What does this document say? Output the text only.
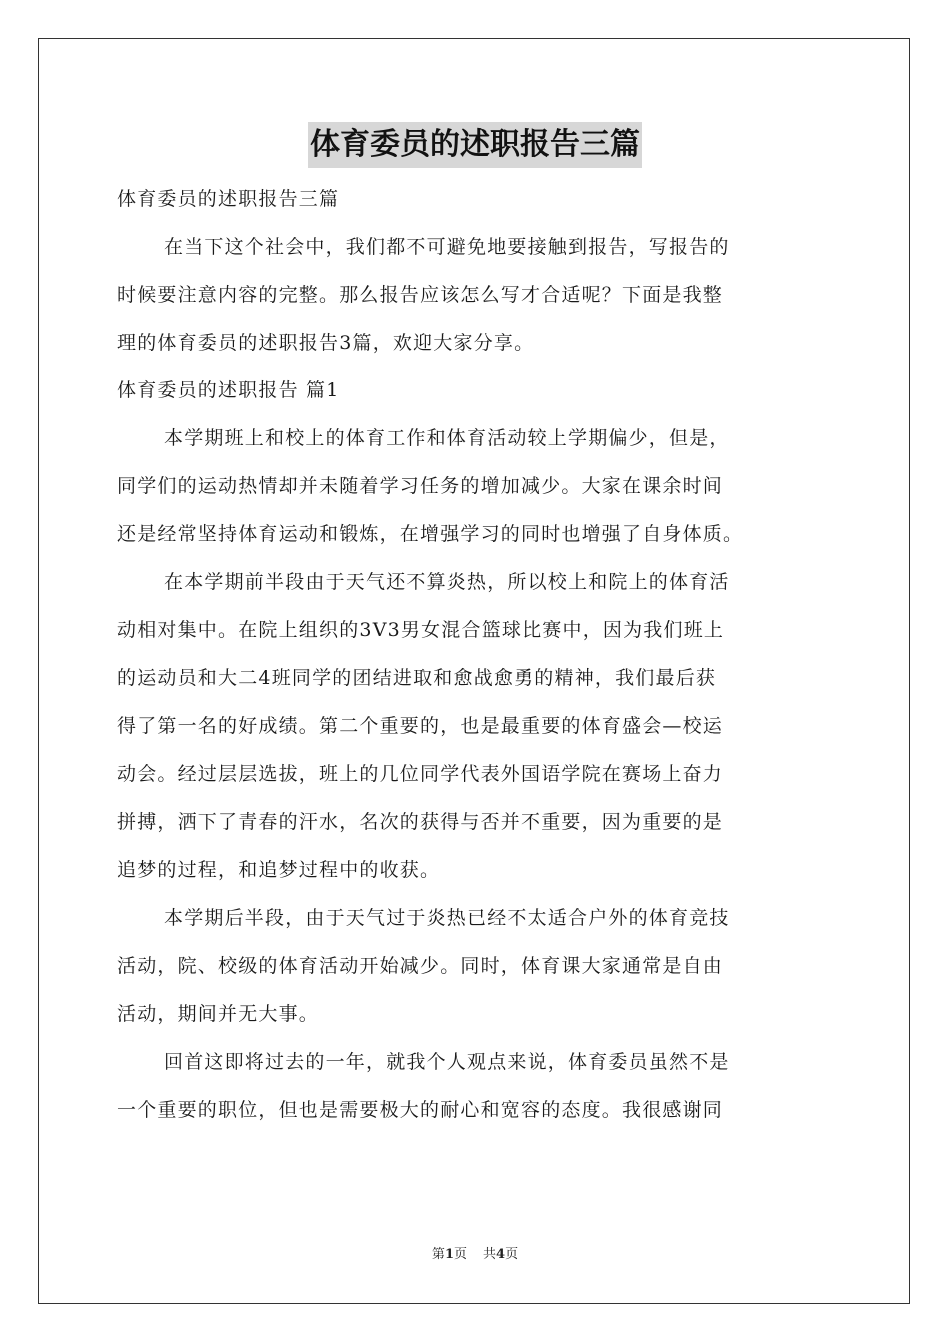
体育委员的述职报告三篇
体育委员的述职报告三篇
在当下这个社会中，我们都不可避免地要接触到报告，写报告的
时候要注意内容的完整。那么报告应该怎么写才合适呢？下面是我整
理的体育委员的述职报告3篇，欢迎大家分享。
体育委员的述职报告 篇1
本学期班上和校上的体育工作和体育活动较上学期偏少，但是，
同学们的运动热情却并未随着学习任务的增加减少。大家在课余时间
还是经常坚持体育运动和锻炼，在增强学习的同时也增强了自身体质。
在本学期前半段由于天气还不算炎热，所以校上和院上的体育活
动相对集中。在院上组织的3V3男女混合篮球比赛中，因为我们班上
的运动员和大二4班同学的团结进取和愈战愈勇的精神，我们最后获
得了第一名的好成绩。第二个重要的，也是最重要的体育盛会—校运
动会。经过层层选拔，班上的几位同学代表外国语学院在赛场上奋力
拼搏，洒下了青春的汗水，名次的获得与否并不重要，因为重要的是
追梦的过程，和追梦过程中的收获。
本学期后半段，由于天气过于炎热已经不太适合户外的体育竞技
活动，院、校级的体育活动开始减少。同时，体育课大家通常是自由
活动，期间并无大事。
回首这即将过去的一年，就我个人观点来说，体育委员虽然不是
一个重要的职位，但也是需要极大的耐心和宽容的态度。我很感谢同
第1页 共4页
